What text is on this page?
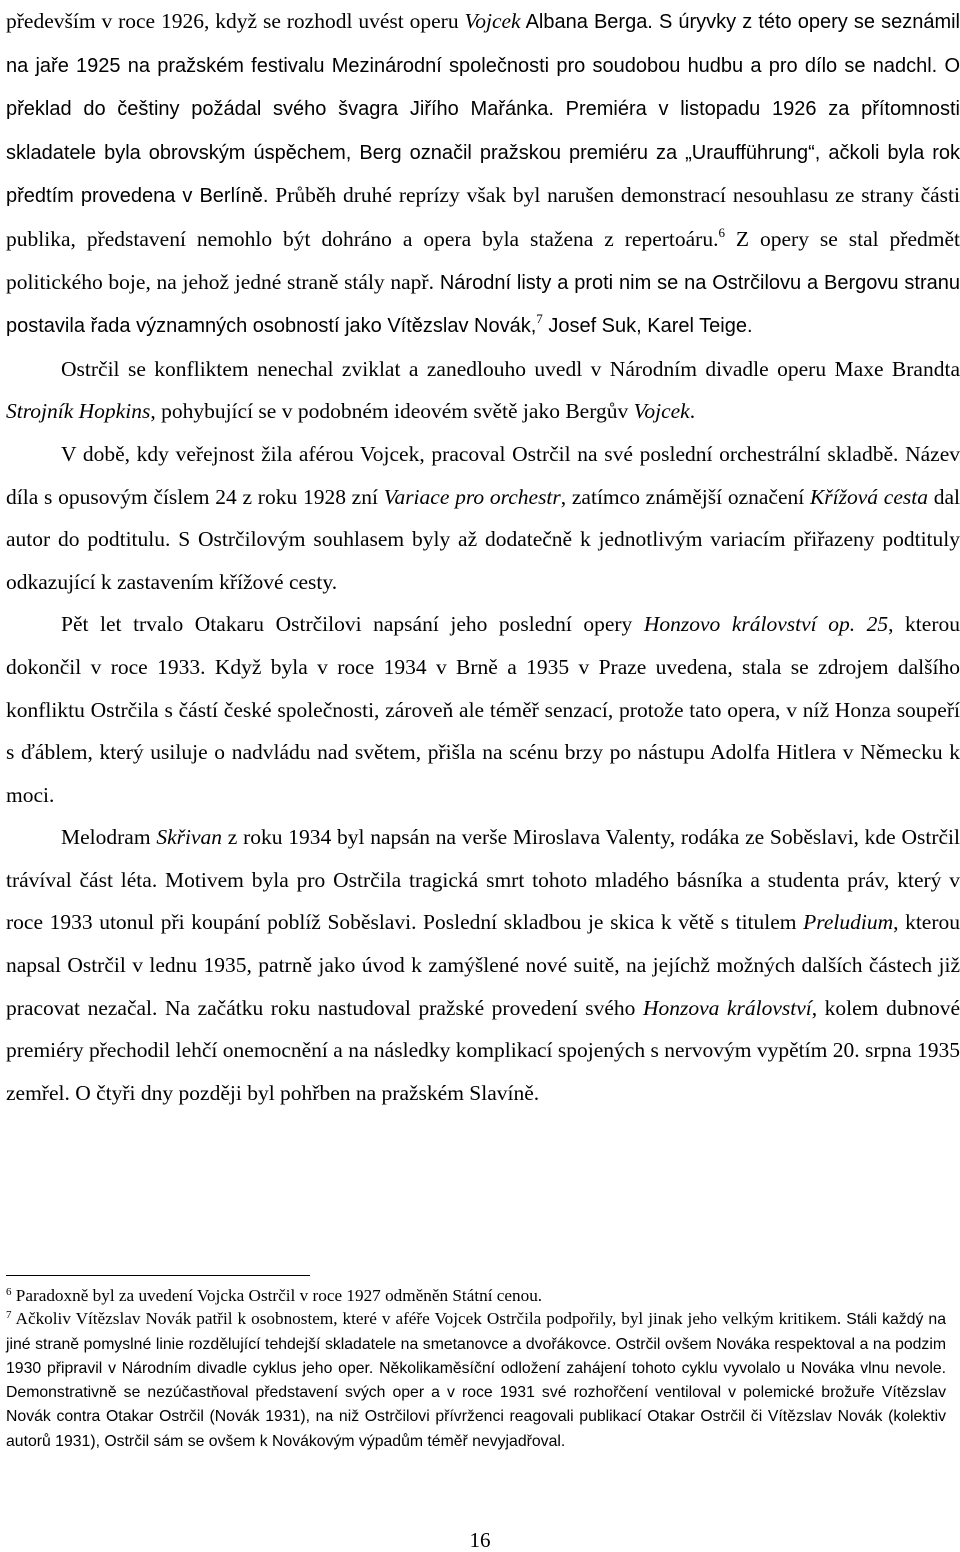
především v roce 1926, když se rozhodl uvést operu Vojcek Albana Berga. S úryvky z této opery se seznámil na jaře 1925 na pražském festivalu Mezinárodní společnosti pro soudobou hudbu a pro dílo se nadchl. O překlad do češtiny požádal svého švagra Jiřího Mařánka. Premiéra v listopadu 1926 za přítomnosti skladatele byla obrovským úspěchem, Berg označil pražskou premiéru za „Uraufführung“, ačkoli byla rok předtím provedena v Berlíně. Průběh druhé reprízy však byl narušen demonstrací nesouhlasu ze strany části publika, představení nemohlo být dohráno a opera byla stažena z repertoáru.$^6$ Z opery se stal předmět politického boje, na jehož jedné straně stály např. Národní listy a proti nim se na Ostrčilovu a Bergovu stranu postavila řada významných osobností jako Vítězslav Novák,$^7$ Josef Suk, Karel Teige.

Ostrčil se konfliktem nenechal zviklat a zanedlouho uvedl v Národním divadle operu Maxe Brandta Strojník Hopkins, pohybující se v podobném ideovém světě jako Bergův Vojcek.

V době, kdy veřejnost žila aférou Vojcek, pracoval Ostrčil na své poslední orchestrální skladbě. Název díla s opusovým číslem 24 z roku 1928 zní Variace pro orchestr, zatímco známější označení Křížová cesta dal autor do podtitulu. S Ostrčilovým souhlasem byly až dodatečně k jednotlivým variacím přiřazeny podtituly odkazující k zastavením křížové cesty.

Pět let trvalo Otakaru Ostrčilovi napsání jeho poslední opery Honzovo království op. 25, kterou dokončil v roce 1933. Když byla v roce 1934 v Brně a 1935 v Praze uvedena, stala se zdrojem dalšího konfliktu Ostrčila s částí české společnosti, zároveň ale téměř senzací, protože tato opera, v níž Honza soupeří s ďáblem, který usiluje o nadvládu nad světem, přišla na scénu brzy po nástupu Adolfa Hitlera v Německu k moci.

Melodram Skřivan z roku 1934 byl napsán na verše Miroslava Valenty, rodáka ze Soběslavi, kde Ostrčil trávíval část léta. Motivem byla pro Ostrčila tragická smrt tohoto mladého básníka a studenta práv, který v roce 1933 utonul při koupání poblíž Soběslavi. Poslední skladbou je skica k větě s titulem Preludium, kterou napsal Ostrčil v lednu 1935, patrně jako úvod k zamýšlené nové suitě, na jejíchž možných dalších částech již pracovat nezačal. Na začátku roku nastudoval pražské provedení svého Honzova království, kolem dubnové premiéry přechodil lehčí onemocnění a na následky komplikací spojených s nervovým vypětím 20. srpna 1935 zemřel. O čtyři dny později byl pohřben na pražském Slavíně.

$^6$ Paradoxně byl za uvedení Vojcka Ostrčil v roce 1927 odměněn Státní cenou.

$^7$ Ačkoliv Vítězslav Novák patřil k osobnostem, které v aféře Vojcek Ostrčila podpořily, byl jinak jeho velkým kritikem. Stáli každý na jiné straně pomyslné linie rozdělující tehdejší skladatele na smetanovce a dvořákovce. Ostrčil ovšem Nováka respektoval a na podzim 1930 připravil v Národním divadle cyklus jeho oper. Několikaměsíční odložení zahájení tohoto cyklu vyvolalo u Nováka vlnu nevole. Demonstrativně se nezúčastňoval představení svých oper a v roce 1931 své rozhořčení ventiloval v polemické brožuře Vítězslav Novák contra Otakar Ostrčil (Novák 1931), na niž Ostrčilovi přívrženci reagovali publikací Otakar Ostrčil či Vítězslav Novák (kolektiv autorů 1931), Ostrčil sám se ovšem k Novákovým výpadům téměř nevyjadřoval.

16
